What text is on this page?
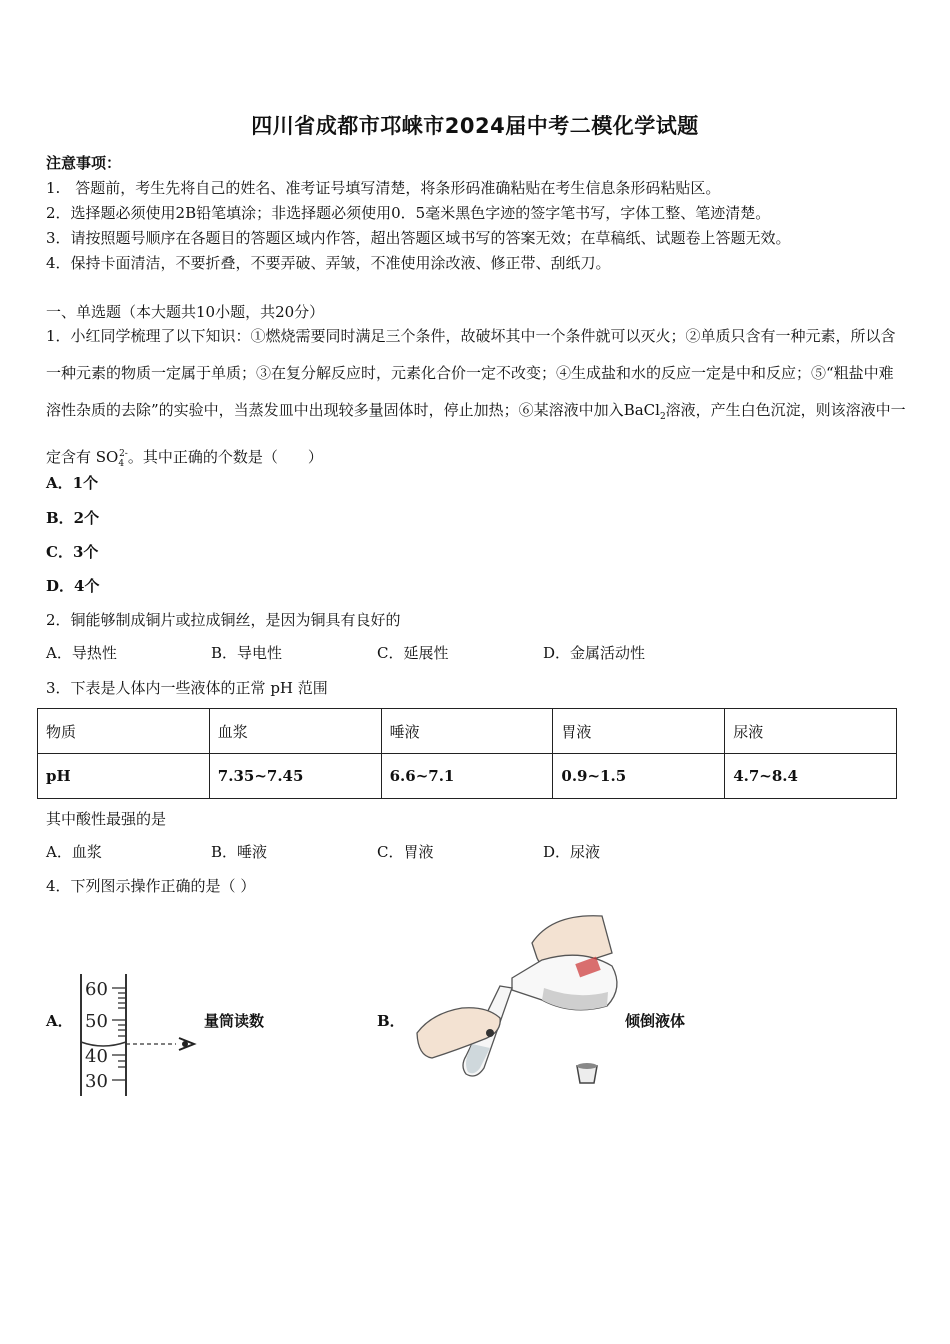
四川省成都市邛崃市2024届中考二模化学试题
注意事项：
1.　答题前，考生先将自己的姓名、准考证号填写清楚，将条形码准确粘贴在考生信息条形码粘贴区。
2．选择题必须使用2B铅笔填涂；非选择题必须使用0．5毫米黑色字迹的签字笔书写，字体工整、笔迹清楚。
3．请按照题号顺序在各题目的答题区域内作答，超出答题区域书写的答案无效；在草稿纸、试题卷上答题无效。
4．保持卡面清洁，不要折叠，不要弄破、弄皱，不准使用涂改液、修正带、刮纸刀。
一、单选题（本大题共10小题，共20分）
1．小红同学梳理了以下知识：①燃烧需要同时满足三个条件，故破坏其中一个条件就可以灭火；②单质只含有一种元素，所以含一种元素的物质一定属于单质；③在复分解反应时，元素化合价一定不改变；④生成盐和水的反应一定是中和反应；⑤“粗盐中难溶性杂质的去除”的实验中，当蒸发皿中出现较多量固体时，停止加热；⑥某溶液中加入BaCl$_2$溶液，产生白色沉淀，则该溶液中一定含有 $SO_4^{2-}$。其中正确的个数是（　　）
A．1个
B．2个
C．3个
D．4个
2．铜能够制成铜片或拉成铜丝，是因为铜具有良好的
A．导热性	B．导电性	C．延展性	D．金属活动性
3．下表是人体内一些液体的正常 pH 范围
物质	血浆	唾液	胃液	尿液
pH	7.35~7.45	6.6~7.1	0.9~1.5	4.7~8.4
其中酸性最强的是
A．血浆	B．唾液	C．胃液	D．尿液
4．下列图示操作正确的是（ ）
A．
60
50
40
30
量筒读数	B．	倾倒液体
